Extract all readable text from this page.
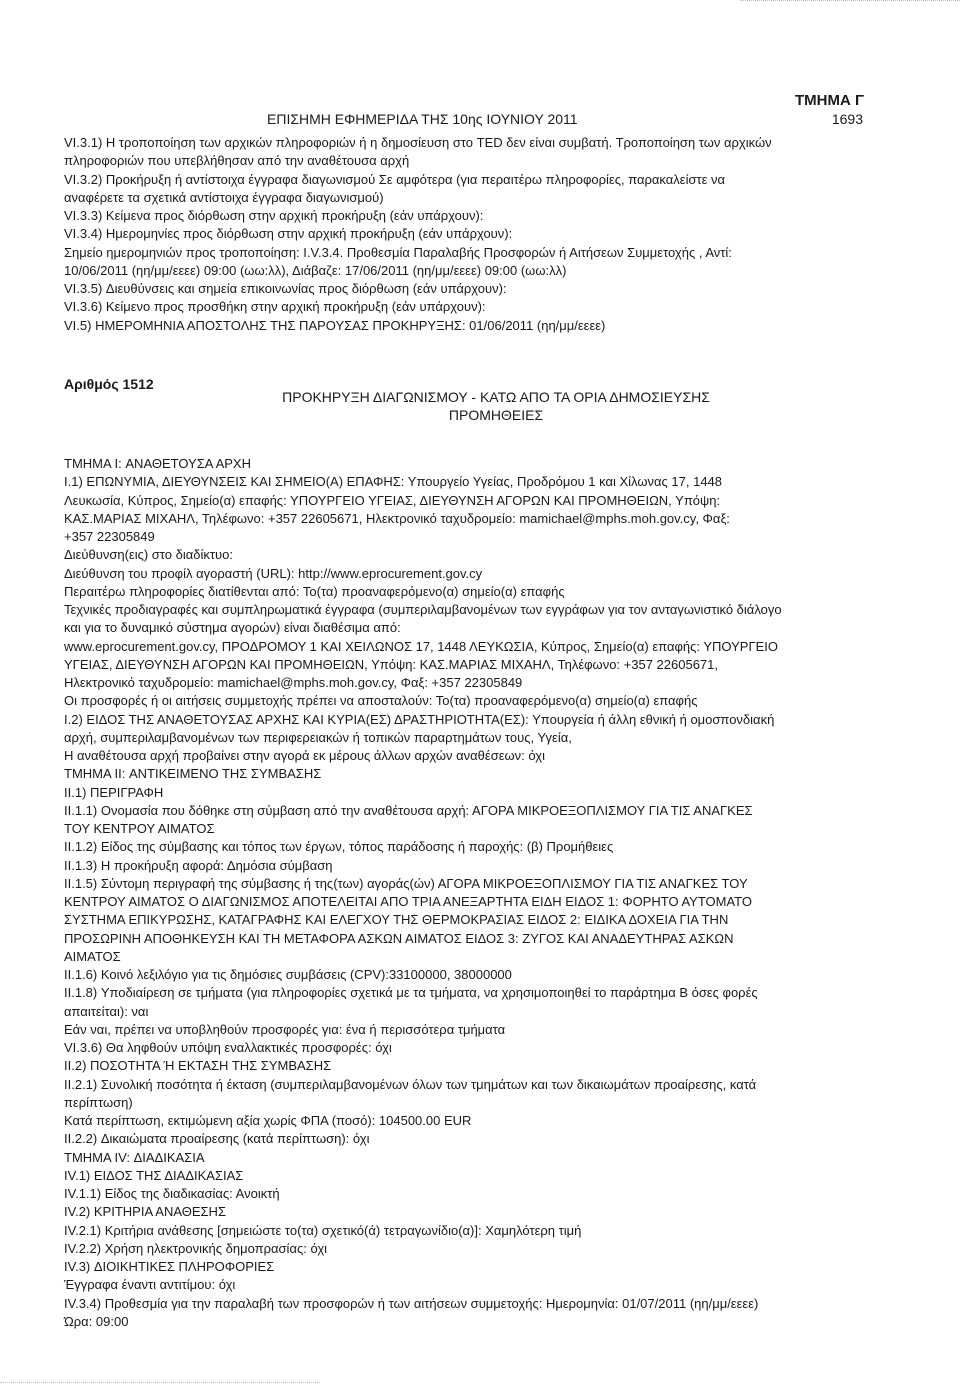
ΤΜΗΜΑ Γ
ΕΠΙΣΗΜΗ ΕΦΗΜΕΡΙΔΑ ΤΗΣ 10ης ΙΟΥΝΙΟΥ 2011	1693

VI.3.1) Η τροποποίηση των αρχικών πληροφοριών ή η δημοσίευση στο TED δεν είναι συμβατή. Τροποποίηση των αρχικών

πληροφοριών που υπεβλήθησαν από την αναθέτουσα αρχή

VI.3.2) Προκήρυξη ή αντίστοιχα έγγραφα διαγωνισμού Σε αμφότερα (για περαιτέρω πληροφορίες, παρακαλείστε να

αναφέρετε τα σχετικά αντίστοιχα έγγραφα διαγωνισμού)

VI.3.3) Κείμενα προς διόρθωση στην αρχική προκήρυξη (εάν υπάρχουν):

VI.3.4) Ημερομηνίες προς διόρθωση στην αρχική προκήρυξη (εάν υπάρχουν):

Σημείο ημερομηνιών προς τροποποίηση: I.V.3.4. Προθεσμία Παραλαβής Προσφορών ή Αιτήσεων Συμμετοχής , Αντί:

10/06/2011 (ηη/μμ/εεεε) 09:00 (ωω:λλ), Διάβαζε: 17/06/2011 (ηη/μμ/εεεε) 09:00 (ωω:λλ)

VI.3.5) Διευθύνσεις και σημεία επικοινωνίας προς διόρθωση (εάν υπάρχουν):

VI.3.6) Κείμενο προς προσθήκη στην αρχική προκήρυξη (εάν υπάρχουν):

VI.5) ΗΜΕΡΟΜΗΝΙΑ ΑΠΟΣΤΟΛΗΣ ΤΗΣ ΠΑΡΟΥΣΑΣ ΠΡΟΚΗΡΥΞΗΣ: 01/06/2011 (ηη/μμ/εεεε)

Αριθμός 1512
ΠΡΟΚΗΡΥΞΗ ΔΙΑΓΩΝΙΣΜΟΥ - ΚΑΤΩ ΑΠΟ ΤΑ ΟΡΙΑ ΔΗΜΟΣΙΕΥΣΗΣ
ΠΡΟΜΗΘΕΙΕΣ

ΤΜΗΜΑ I: ΑΝΑΘΕΤΟΥΣΑ ΑΡΧΗ

I.1) ΕΠΩΝΥΜΙΑ, ΔΙΕΥΘΥΝΣΕΙΣ ΚΑΙ ΣΗΜΕΙΟ(Α) ΕΠΑΦΗΣ: Υπουργείο Υγείας, Προδρόμου 1 και Χίλωνας 17, 1448

Λευκωσία, Κύπρος, Σημείο(α) επαφής: ΥΠΟΥΡΓΕΙΟ ΥΓΕΙΑΣ, ΔΙΕΥΘΥΝΣΗ ΑΓΟΡΩΝ ΚΑΙ ΠΡΟΜΗΘΕΙΩΝ, Υπόψη:

ΚΑΣ.ΜΑΡΙΑΣ ΜΙΧΑΗΛ, Τηλέφωνο: +357 22605671, Ηλεκτρονικό ταχυδρομείο: mamichael@mphs.moh.gov.cy, Φαξ:

+357 22305849

Διεύθυνση(εις) στο διαδίκτυο:

Διεύθυνση του προφίλ αγοραστή (URL): http://www.eprocurement.gov.cy

Περαιτέρω πληροφορίες διατίθενται από: Το(τα) προαναφερόμενο(α) σημείο(α) επαφής

Τεχνικές προδιαγραφές και συμπληρωματικά έγγραφα (συμπεριλαμβανομένων των εγγράφων για τον ανταγωνιστικό διάλογο

και για το δυναμικό σύστημα αγορών) είναι διαθέσιμα από:

www.eprocurement.gov.cy, ΠΡΟΔΡΟΜΟΥ 1 ΚΑΙ ΧΕΙΛΩΝΟΣ 17, 1448 ΛΕΥΚΩΣΙΑ, Κύπρος, Σημείο(α) επαφής: ΥΠΟΥΡΓΕΙΟ

ΥΓΕΙΑΣ, ΔΙΕΥΘΥΝΣΗ ΑΓΟΡΩΝ ΚΑΙ ΠΡΟΜΗΘΕΙΩΝ, Υπόψη: ΚΑΣ.ΜΑΡΙΑΣ ΜΙΧΑΗΛ, Τηλέφωνο: +357 22605671,

Ηλεκτρονικό ταχυδρομείο: mamichael@mphs.moh.gov.cy, Φαξ: +357 22305849

Οι προσφορές ή οι αιτήσεις συμμετοχής πρέπει να αποσταλούν: Το(τα) προαναφερόμενο(α) σημείο(α) επαφής

I.2) ΕΙΔΟΣ ΤΗΣ ΑΝΑΘΕΤΟΥΣΑΣ ΑΡΧΗΣ ΚΑΙ ΚΥΡΙΑ(ΕΣ) ΔΡΑΣΤΗΡΙΟΤΗΤΑ(ΕΣ): Υπουργεία ή άλλη εθνική ή ομοσπονδιακή

αρχή, συμπεριλαμβανομένων των περιφερειακών ή τοπικών παραρτημάτων τους, Υγεία,

Η αναθέτουσα αρχή προβαίνει στην αγορά εκ μέρους άλλων αρχών αναθέσεων: όχι

ΤΜΗΜΑ II: ΑΝΤΙΚΕΙΜΕΝΟ ΤΗΣ ΣΥΜΒΑΣΗΣ

II.1) ΠΕΡΙΓΡΑΦΗ

II.1.1) Ονομασία που δόθηκε στη σύμβαση από την αναθέτουσα αρχή: ΑΓΟΡΑ ΜΙΚΡΟΕΞΟΠΛΙΣΜΟΥ ΓΙΑ ΤΙΣ ΑΝΑΓΚΕΣ

ΤΟΥ ΚΕΝΤΡΟΥ ΑΙΜΑΤΟΣ

II.1.2) Είδος της σύμβασης και τόπος των έργων, τόπος παράδοσης ή παροχής: (β) Προμήθειες

II.1.3) Η προκήρυξη αφορά: Δημόσια σύμβαση

II.1.5) Σύντομη περιγραφή της σύμβασης ή της(των) αγοράς(ών) ΑΓΟΡΑ ΜΙΚΡΟΕΞΟΠΛΙΣΜΟΥ ΓΙΑ ΤΙΣ ΑΝΑΓΚΕΣ ΤΟΥ

ΚΕΝΤΡΟΥ ΑΙΜΑΤΟΣ Ο ΔΙΑΓΩΝΙΣΜΟΣ ΑΠΟΤΕΛΕΙΤΑΙ ΑΠΟ ΤΡΙΑ ΑΝΕΞΑΡΤΗΤΑ ΕΙΔΗ ΕΙΔΟΣ 1: ΦΟΡΗΤΟ ΑΥΤΟΜΑΤΟ

ΣΥΣΤΗΜΑ ΕΠΙΚΥΡΩΣΗΣ, ΚΑΤΑΓΡΑΦΗΣ ΚΑΙ ΕΛΕΓΧΟΥ ΤΗΣ ΘΕΡΜΟΚΡΑΣΙΑΣ ΕΙΔΟΣ 2: ΕΙΔΙΚΑ ΔΟΧΕΙΑ ΓΙΑ ΤΗΝ

ΠΡΟΣΩΡΙΝΗ ΑΠΟΘΗΚΕΥΣΗ ΚΑΙ ΤΗ ΜΕΤΑΦΟΡΑ ΑΣΚΩΝ ΑΙΜΑΤΟΣ ΕΙΔΟΣ 3: ΖΥΓΟΣ ΚΑΙ ΑΝΑΔΕΥΤΗΡΑΣ ΑΣΚΩΝ

ΑΙΜΑΤΟΣ

II.1.6) Κοινό λεξιλόγιο για τις δημόσιες συμβάσεις (CPV):33100000, 38000000

II.1.8) Υποδιαίρεση σε τμήματα (για πληροφορίες σχετικά με τα τμήματα, να χρησιμοποιηθεί το παράρτημα Β όσες φορές

απαιτείται): ναι

Εάν ναι, πρέπει να υποβληθούν προσφορές για: ένα ή περισσότερα τμήματα

VI.3.6) Θα ληφθούν υπόψη εναλλακτικές προσφορές: όχι

II.2) ΠΟΣΟΤΗΤΑ Ή ΕΚΤΑΣΗ ΤΗΣ ΣΥΜΒΑΣΗΣ

II.2.1) Συνολική ποσότητα ή έκταση (συμπεριλαμβανομένων όλων των τμημάτων και των δικαιωμάτων προαίρεσης, κατά

περίπτωση)

Κατά περίπτωση, εκτιμώμενη αξία χωρίς ΦΠΑ (ποσό): 104500.00 EUR

II.2.2) Δικαιώματα προαίρεσης (κατά περίπτωση): όχι

ΤΜΗΜΑ IV: ΔΙΑΔΙΚΑΣΙΑ

IV.1) ΕΙΔΟΣ ΤΗΣ ΔΙΑΔΙΚΑΣΙΑΣ

IV.1.1) Είδος της διαδικασίας: Ανοικτή

IV.2) ΚΡΙΤΗΡΙΑ ΑΝΑΘΕΣΗΣ

IV.2.1) Κριτήρια ανάθεσης [σημειώστε το(τα) σχετικό(ά) τετραγωνίδιο(α)]: Χαμηλότερη τιμή

IV.2.2) Χρήση ηλεκτρονικής δημοπρασίας: όχι

IV.3) ΔΙΟΙΚΗΤΙΚΕΣ ΠΛΗΡΟΦΟΡΙΕΣ

Έγγραφα έναντι αντιτίμου: όχι

IV.3.4) Προθεσμία για την παραλαβή των προσφορών ή των αιτήσεων συμμετοχής: Ημερομηνία: 01/07/2011 (ηη/μμ/εεεε)

Ώρα: 09:00
